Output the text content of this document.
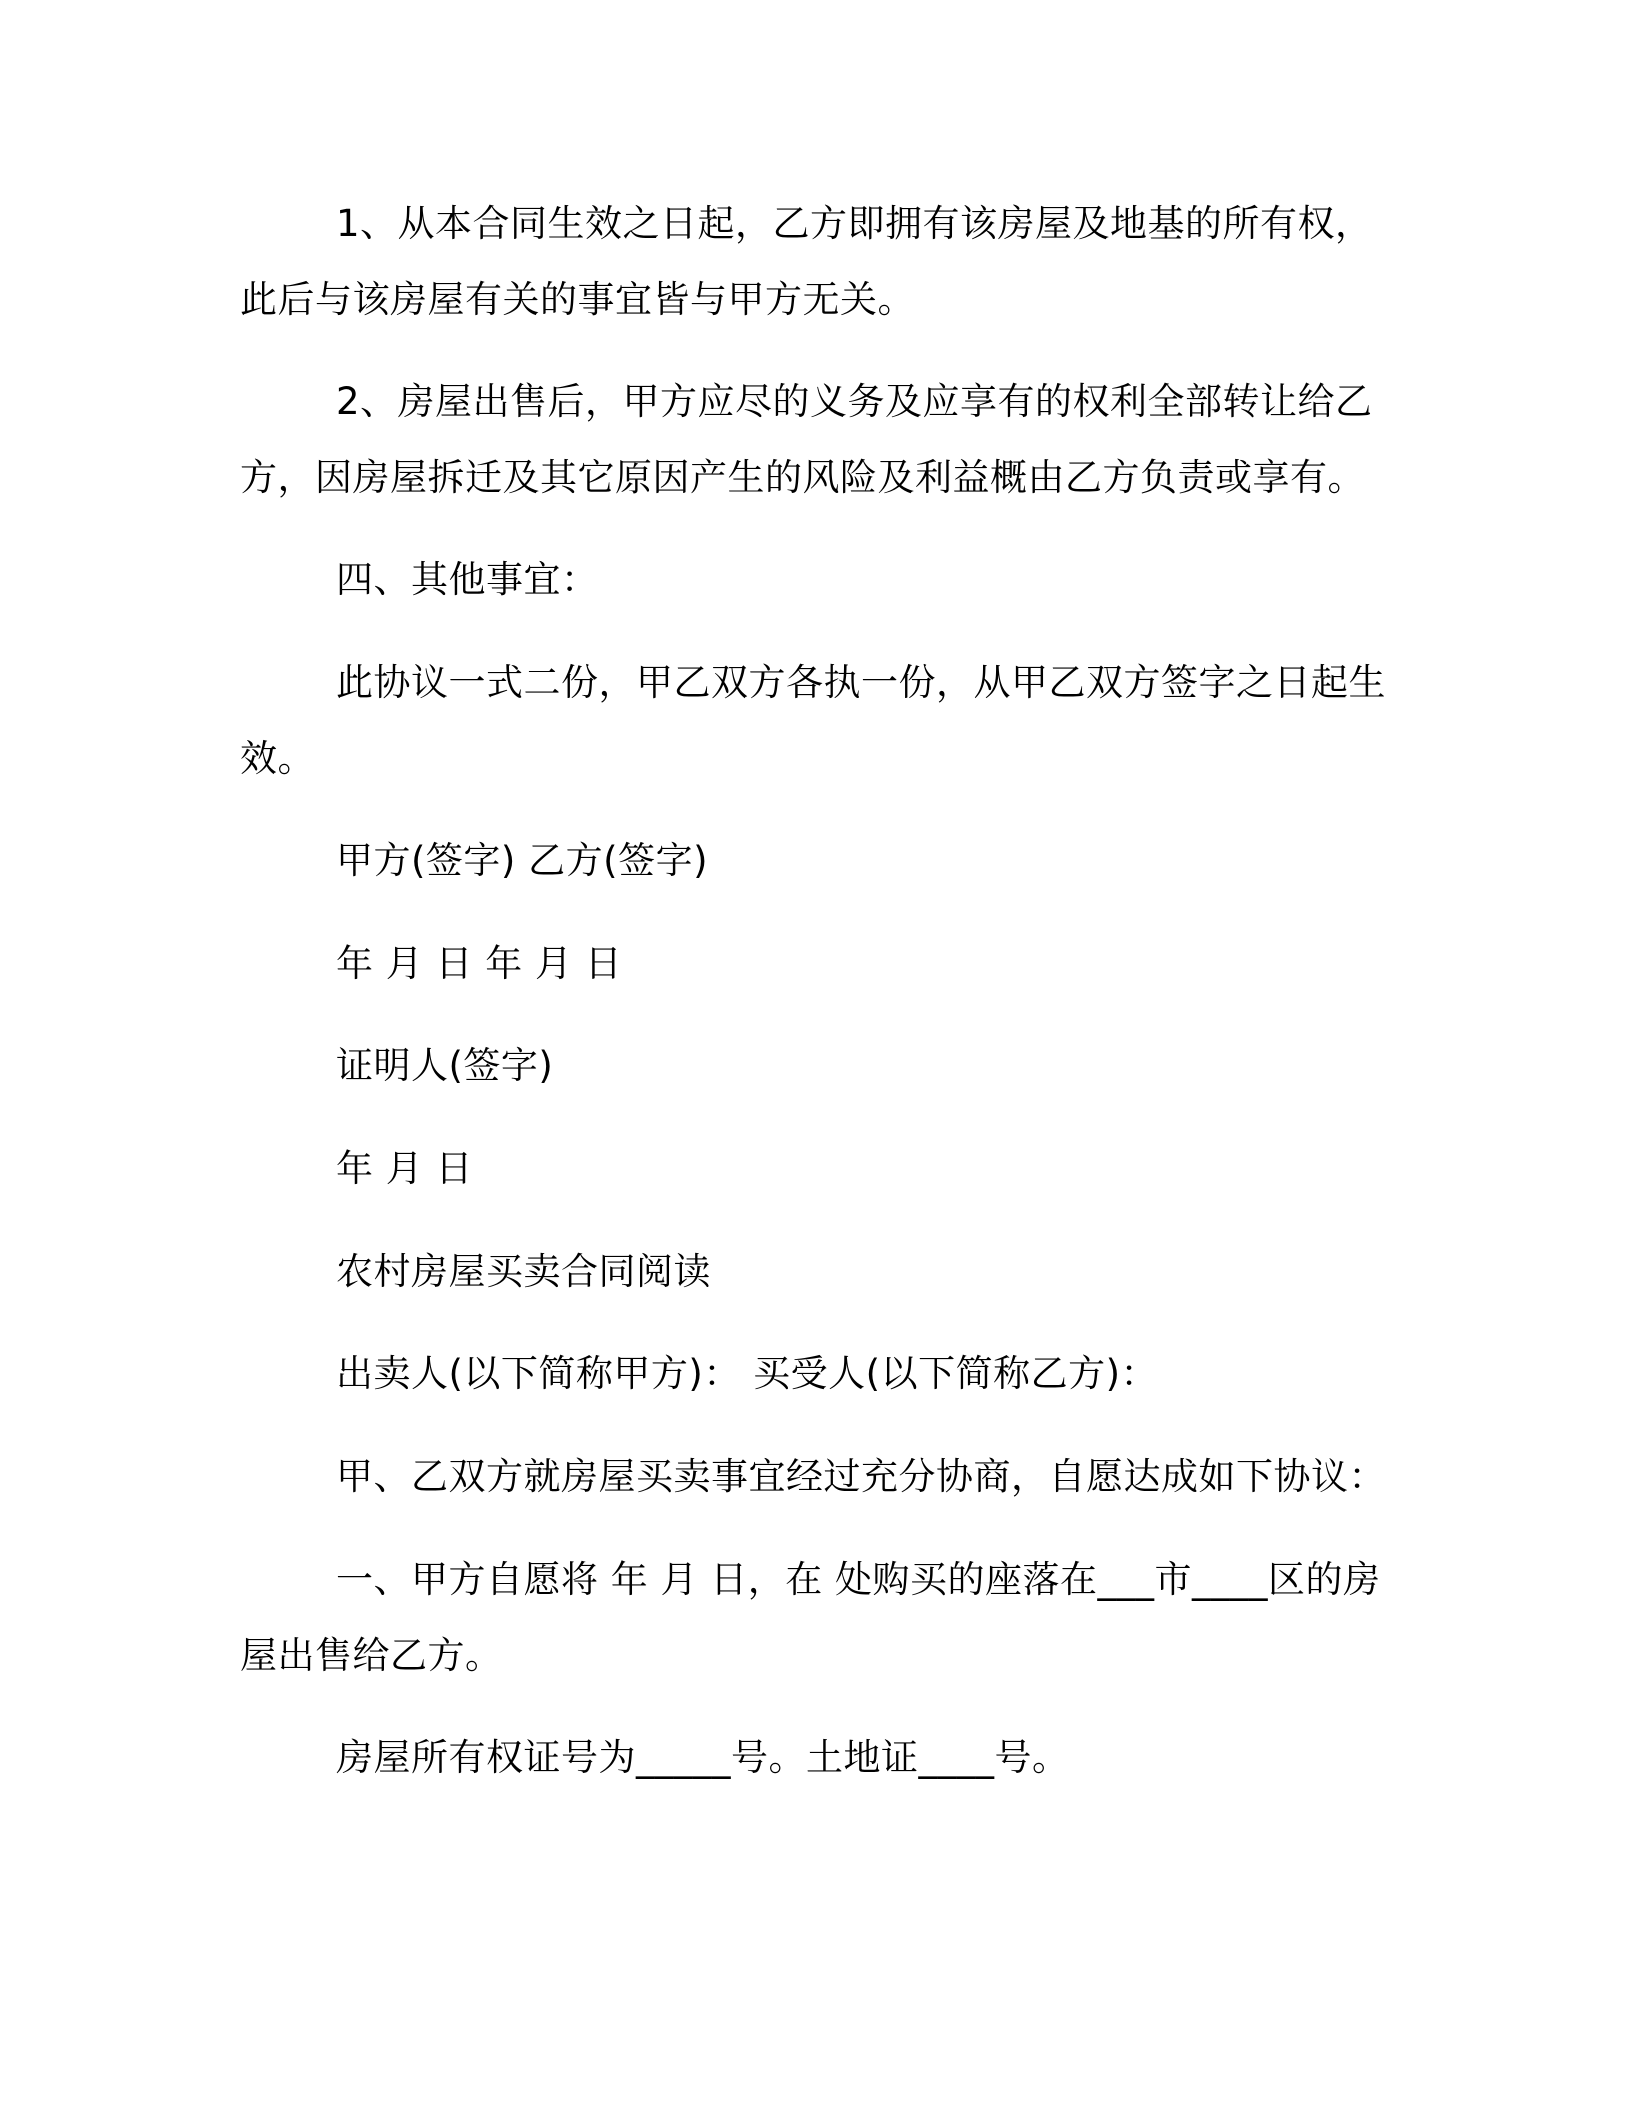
1、从本合同生效之日起，乙方即拥有该房屋及地基的所有权，此后与该房屋有关的事宜皆与甲方无关。

2、房屋出售后，甲方应尽的义务及应享有的权利全部转让给乙方，因房屋拆迁及其它原因产生的风险及利益概由乙方负责或享有。

四、其他事宜：

此协议一式二份，甲乙双方各执一份，从甲乙双方签字之日起生效。

甲方(签字) 乙方(签字)

年 月 日 年 月 日

证明人(签字)

年 月 日

农村房屋买卖合同阅读

出卖人(以下简称甲方)： 买受人(以下简称乙方)：

甲、乙双方就房屋买卖事宜经过充分协商，自愿达成如下协议：

一、甲方自愿将 年 月 日，在 处购买的座落在___市____区的房屋出售给乙方。

房屋所有权证号为_____号。土地证____号。
